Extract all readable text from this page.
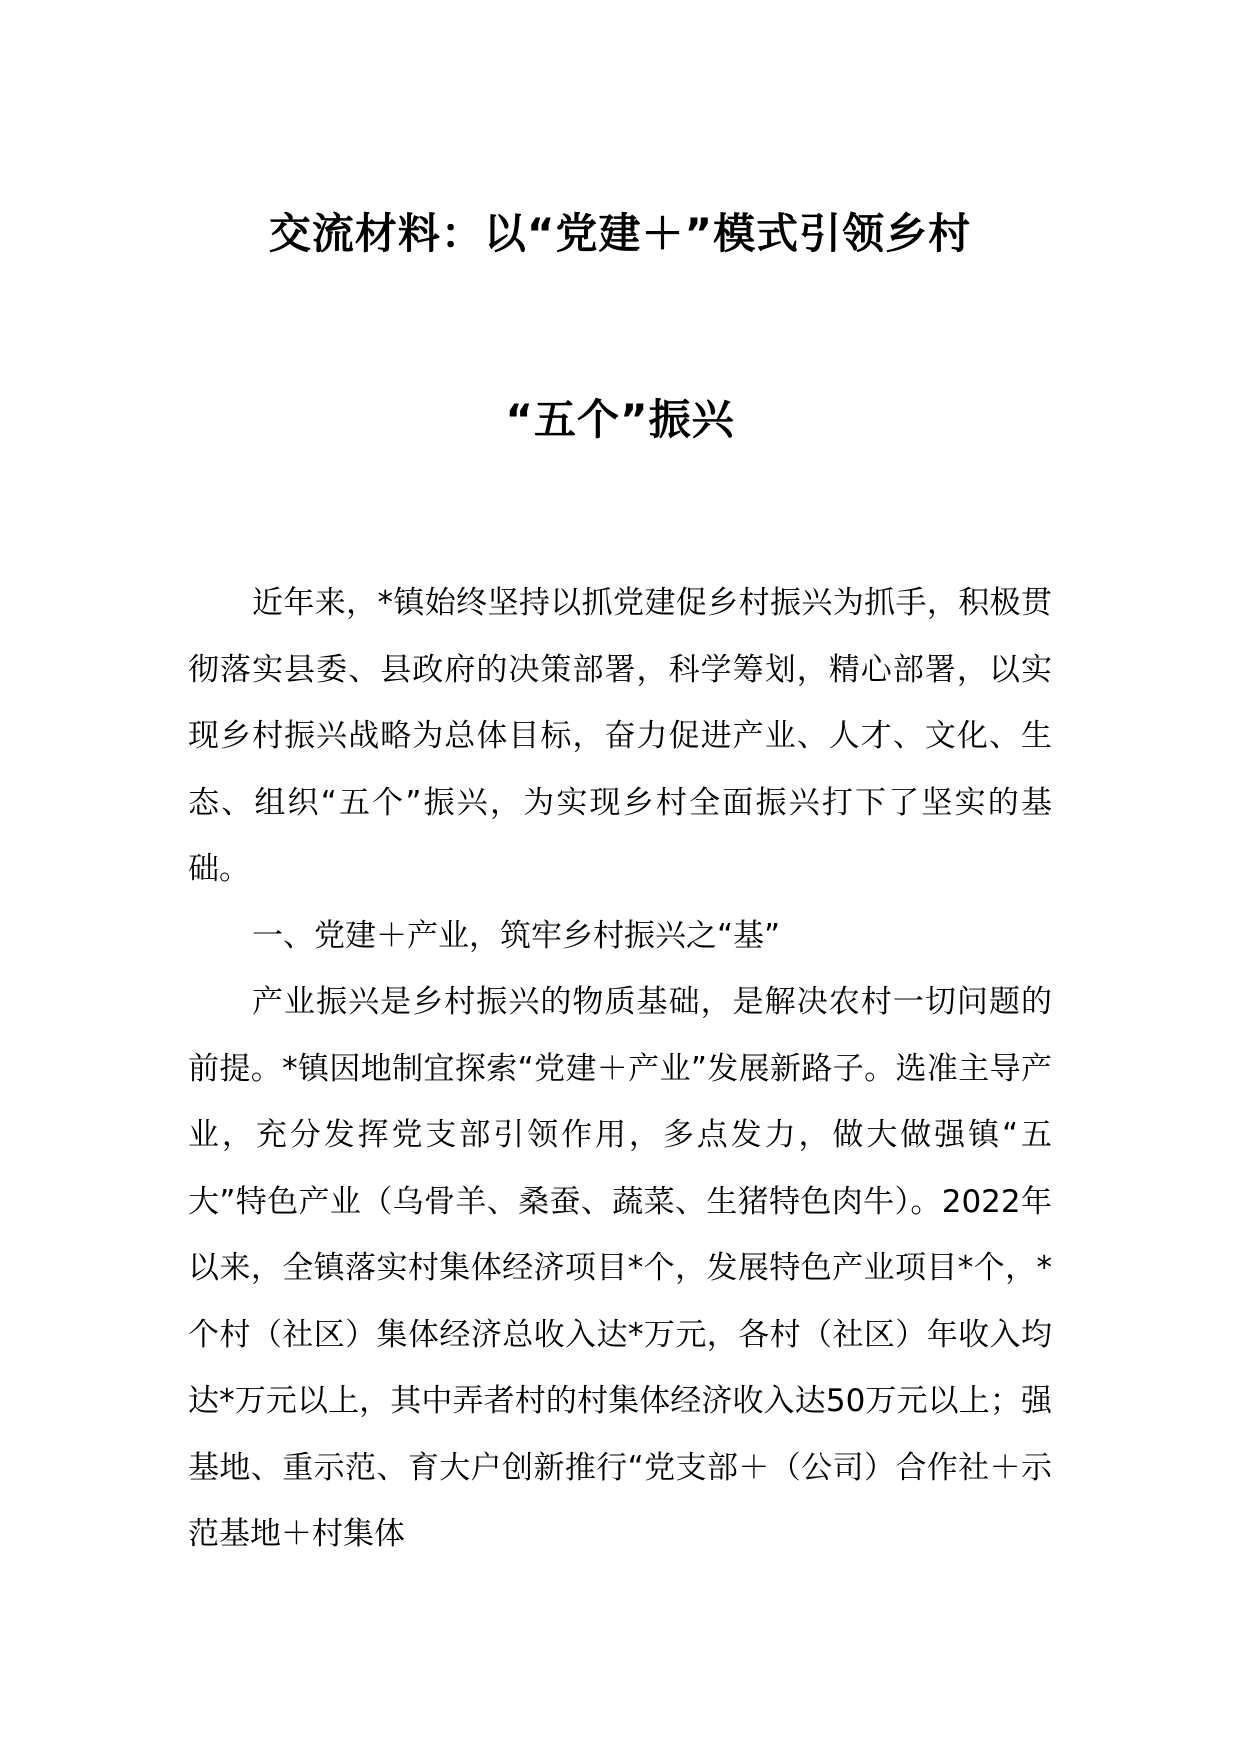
交流材料：以“党建＋”模式引领乡村
“五个”振兴

近年来，*镇始终坚持以抓党建促乡村振兴为抓手，积极贯彻落实县委、县政府的决策部署，科学筹划，精心部署，以实现乡村振兴战略为总体目标，奋力促进产业、人才、文化、生态、组织“五个”振兴，为实现乡村全面振兴打下了坚实的基础。

一、党建＋产业，筑牢乡村振兴之“基”

产业振兴是乡村振兴的物质基础，是解决农村一切问题的前提。*镇因地制宜探索“党建＋产业”发展新路子。选准主导产业，充分发挥党支部引领作用，多点发力，做大做强镇“五大”特色产业（乌骨羊、桑蚕、蔬菜、生猪特色肉牛）。2022年以来，全镇落实村集体经济项目*个，发展特色产业项目*个，*个村（社区）集体经济总收入达*万元，各村（社区）年收入均达*万元以上，其中弄者村的村集体经济收入达50万元以上；强基地、重示范、育大户创新推行“党支部＋（公司）合作社＋示范基地＋村集体
